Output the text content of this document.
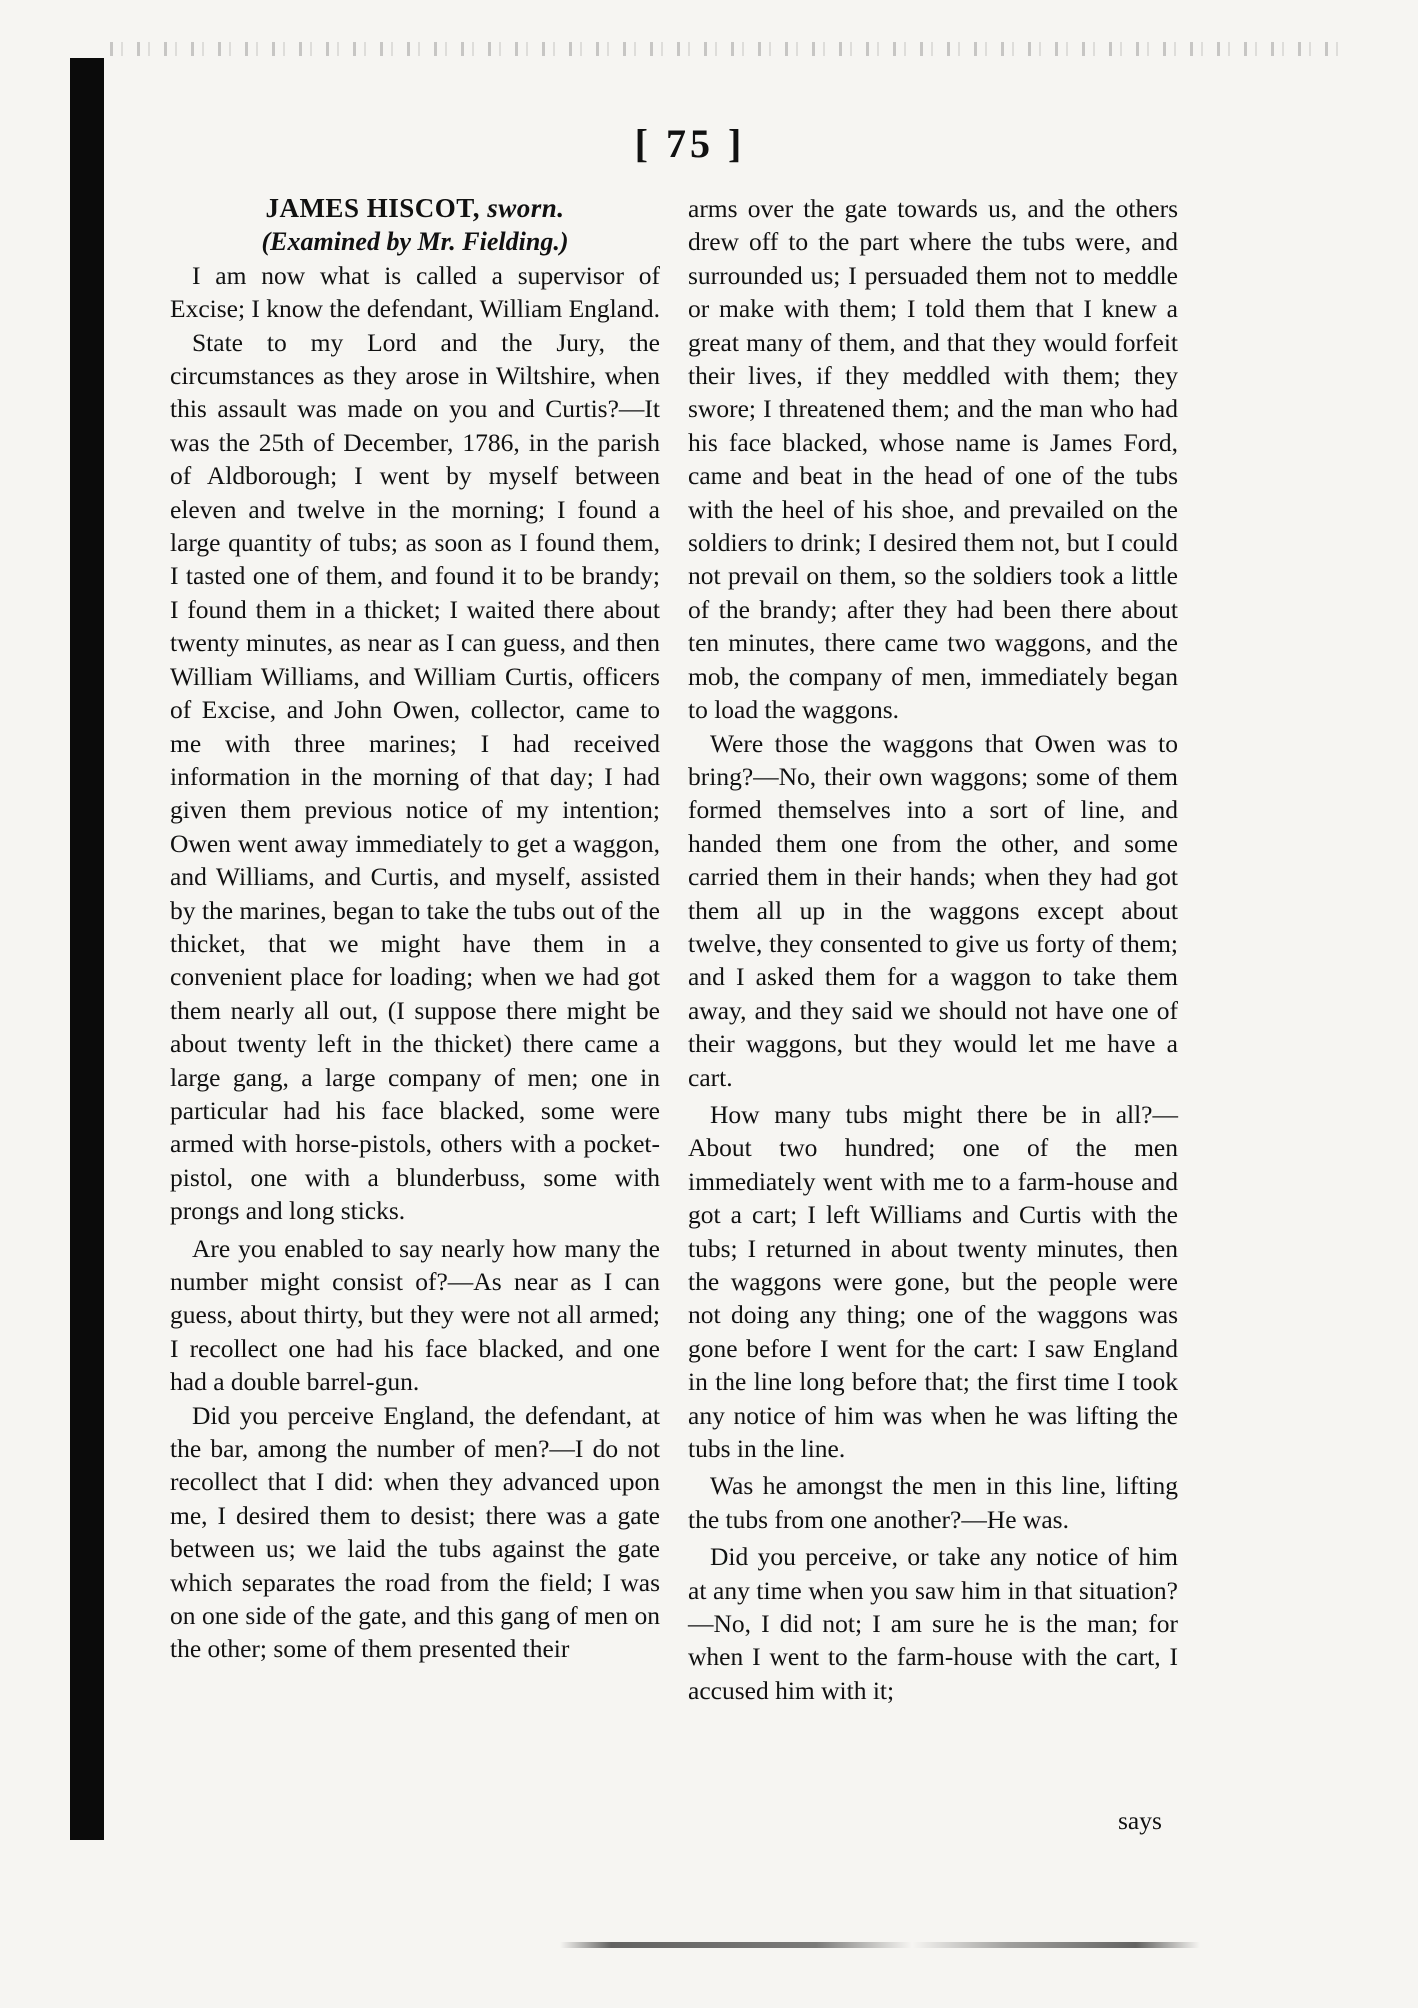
[ 75 ]

JAMES HISCOT, sworn.

(Examined by Mr. Fielding.)

I am now what is called a supervisor of Excise; I know the defendant, William England.

State to my Lord and the Jury, the circumstances as they arose in Wiltshire, when this assault was made on you and Curtis?—It was the 25th of December, 1786, in the parish of Aldborough; I went by myself between eleven and twelve in the morning; I found a large quantity of tubs; as soon as I found them, I tasted one of them, and found it to be brandy; I found them in a thicket; I waited there about twenty minutes, as near as I can guess, and then William Williams, and William Curtis, officers of Excise, and John Owen, collector, came to me with three marines; I had received information in the morning of that day; I had given them previous notice of my intention; Owen went away immediately to get a waggon, and Williams, and Curtis, and myself, assisted by the marines, began to take the tubs out of the thicket, that we might have them in a convenient place for loading; when we had got them nearly all out, (I suppose there might be about twenty left in the thicket) there came a large gang, a large company of men; one in particular had his face blacked, some were armed with horse-pistols, others with a pocket-pistol, one with a blunderbuss, some with prongs and long sticks.

Are you enabled to say nearly how many the number might consist of?—As near as I can guess, about thirty, but they were not all armed; I recollect one had his face blacked, and one had a double barrel-gun.

Did you perceive England, the defendant, at the bar, among the number of men?—I do not recollect that I did: when they advanced upon me, I desired them to desist; there was a gate between us; we laid the tubs against the gate which separates the road from the field; I was on one side of the gate, and this gang of men on the other; some of them presented their

arms over the gate towards us, and the others drew off to the part where the tubs were, and surrounded us; I persuaded them not to meddle or make with them; I told them that I knew a great many of them, and that they would forfeit their lives, if they meddled with them; they swore; I threatened them; and the man who had his face blacked, whose name is James Ford, came and beat in the head of one of the tubs with the heel of his shoe, and prevailed on the soldiers to drink; I desired them not, but I could not prevail on them, so the soldiers took a little of the brandy; after they had been there about ten minutes, there came two waggons, and the mob, the company of men, immediately began to load the waggons.

Were those the waggons that Owen was to bring?—No, their own waggons; some of them formed themselves into a sort of line, and handed them one from the other, and some carried them in their hands; when they had got them all up in the waggons except about twelve, they consented to give us forty of them; and I asked them for a waggon to take them away, and they said we should not have one of their waggons, but they would let me have a cart.

How many tubs might there be in all?—About two hundred; one of the men immediately went with me to a farm-house and got a cart; I left Williams and Curtis with the tubs; I returned in about twenty minutes, then the waggons were gone, but the people were not doing any thing; one of the waggons was gone before I went for the cart: I saw England in the line long before that; the first time I took any notice of him was when he was lifting the tubs in the line.

Was he amongst the men in this line, lifting the tubs from one another?—He was.

Did you perceive, or take any notice of him at any time when you saw him in that situation?—No, I did not; I am sure he is the man; for when I went to the farm-house with the cart, I accused him with it;

says
